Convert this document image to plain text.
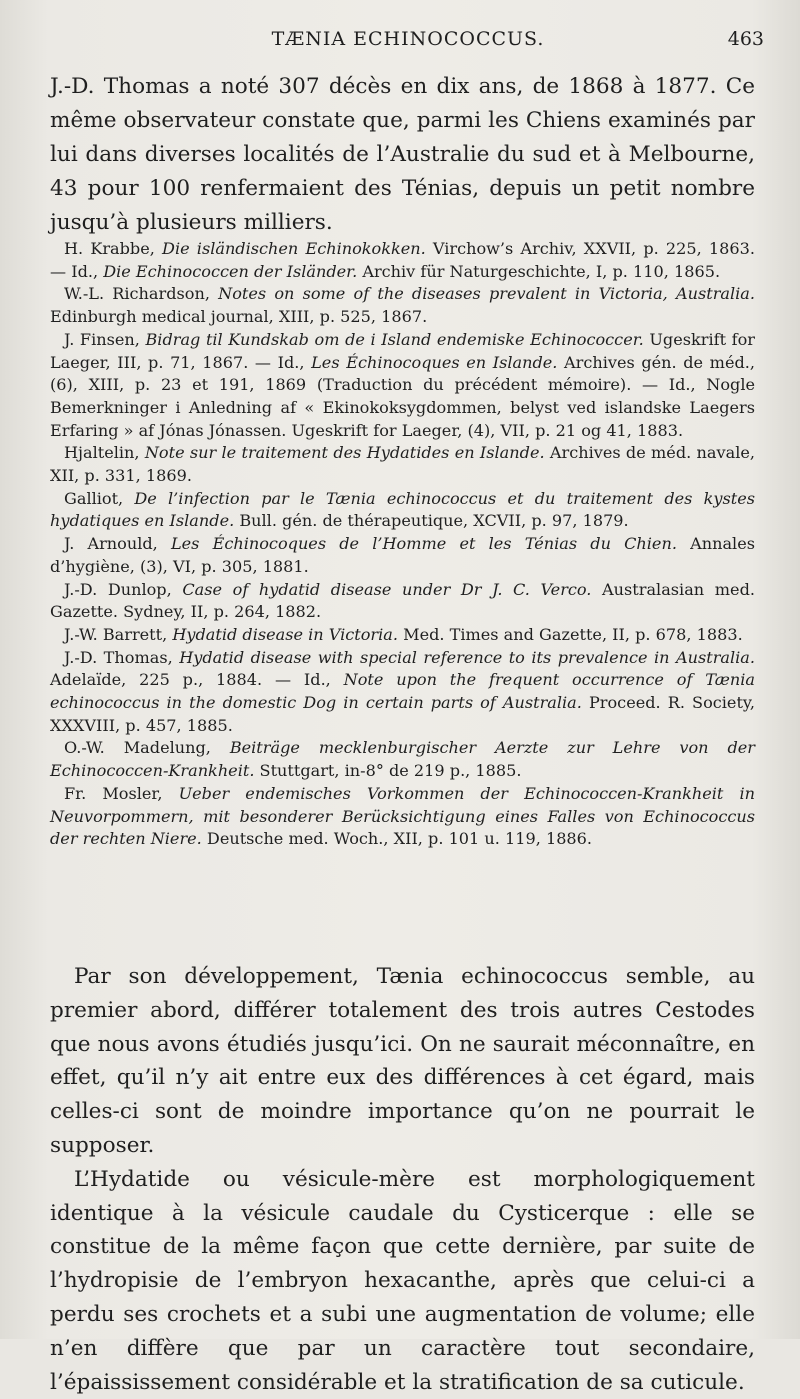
TÆNIA ECHINOCOCCUS.	463

J.-D. Thomas a noté 307 décès en dix ans, de 1868 à 1877. Ce même observateur constate que, parmi les Chiens examinés par lui dans diverses localités de l’Australie du sud et à Melbourne, 43 pour 100 renfermaient des Ténias, depuis un petit nombre jusqu’à plusieurs milliers.

H. Krabbe, Die isländischen Echinokokken. Virchow’s Archiv, XXVII, p. 225, 1863. — Id., Die Echinococcen der Isländer. Archiv für Naturgeschichte, I, p. 110, 1865.

W.-L. Richardson, Notes on some of the diseases prevalent in Victoria, Australia. Edinburgh medical journal, XIII, p. 525, 1867.

J. Finsen, Bidrag til Kundskab om de i Island endemiske Echinococcer. Ugeskrift for Laeger, III, p. 71, 1867. — Id., Les Échinocoques en Islande. Archives gén. de méd., (6), XIII, p. 23 et 191, 1869 (Traduction du précédent mémoire). — Id., Nogle Bemerkninger i Anledning af « Ekinokoksygdommen, belyst ved islandske Laegers Erfaring » af Jónas Jónassen. Ugeskrift for Laeger, (4), VII, p. 21 og 41, 1883.

Hjaltelin, Note sur le traitement des Hydatides en Islande. Archives de méd. navale, XII, p. 331, 1869.

Galliot, De l’infection par le Tænia echinococcus et du traitement des kystes hydatiques en Islande. Bull. gén. de thérapeutique, XCVII, p. 97, 1879.

J. Arnould, Les Échinocoques de l’Homme et les Ténias du Chien. Annales d’hygiène, (3), VI, p. 305, 1881.

J.-D. Dunlop, Case of hydatid disease under Dr J. C. Verco. Australasian med. Gazette. Sydney, II, p. 264, 1882.

J.-W. Barrett, Hydatid disease in Victoria. Med. Times and Gazette, II, p. 678, 1883.

J.-D. Thomas, Hydatid disease with special reference to its prevalence in Australia. Adelaïde, 225 p., 1884. — Id., Note upon the frequent occurrence of Tænia echinococcus in the domestic Dog in certain parts of Australia. Proceed. R. Society, XXXVIII, p. 457, 1885.

O.-W. Madelung, Beiträge mecklenburgischer Aerzte zur Lehre von der Echinococcen-Krankheit. Stuttgart, in-8° de 219 p., 1885.

Fr. Mosler, Ueber endemisches Vorkommen der Echinococcen-Krankheit in Neuvorpommern, mit besonderer Berücksichtigung eines Falles von Echinococcus der rechten Niere. Deutsche med. Woch., XII, p. 101 u. 119, 1886.

Par son développement, Tænia echinococcus semble, au premier abord, différer totalement des trois autres Cestodes que nous avons étudiés jusqu’ici. On ne saurait méconnaître, en effet, qu’il n’y ait entre eux des différences à cet égard, mais celles-ci sont de moindre importance qu’on ne pourrait le supposer.

L’Hydatide ou vésicule-mère est morphologiquement identique à la vésicule caudale du Cysticerque : elle se constitue de la même façon que cette dernière, par suite de l’hydropisie de l’embryon hexacanthe, après que celui-ci a perdu ses crochets et a subi une augmentation de volume; elle n’en diffère que par un caractère tout secondaire, l’épaississement considérable et la stratification de sa cuticule.
